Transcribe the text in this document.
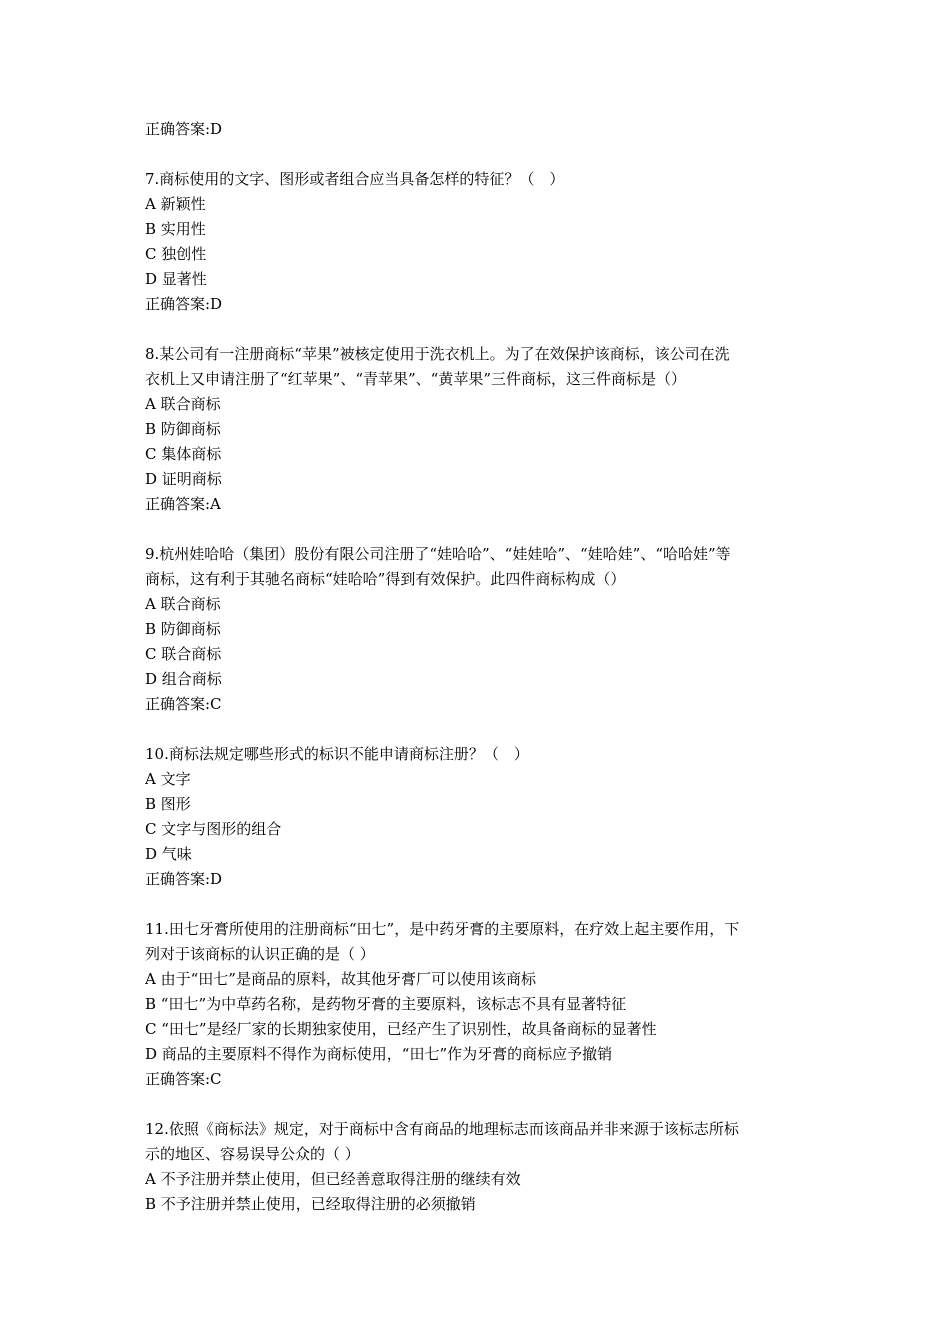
正确答案:D
7.商标使用的文字、图形或者组合应当具备怎样的特征？（　）
A 新颖性
B 实用性
C 独创性
D 显著性
正确答案:D
8.某公司有一注册商标“苹果”被核定使用于洗衣机上。为了在效保护该商标，该公司在洗
衣机上又申请注册了“红苹果”、“青苹果”、“黄苹果”三件商标，这三件商标是（）
A 联合商标
B 防御商标
C 集体商标
D 证明商标
正确答案:A
9.杭州娃哈哈（集团）股份有限公司注册了“娃哈哈”、“娃娃哈”、“娃哈娃”、“哈哈娃”等
商标，这有利于其驰名商标“娃哈哈”得到有效保护。此四件商标构成（）
A 联合商标
B 防御商标
C 联合商标
D 组合商标
正确答案:C
10.商标法规定哪些形式的标识不能申请商标注册？（　）
A 文字
B 图形
C 文字与图形的组合
D 气味
正确答案:D
11.田七牙膏所使用的注册商标“田七”，是中药牙膏的主要原料，在疗效上起主要作用，下
列对于该商标的认识正确的是（ ）
A 由于“田七”是商品的原料，故其他牙膏厂可以使用该商标
B “田七”为中草药名称，是药物牙膏的主要原料，该标志不具有显著特征
C “田七”是经厂家的长期独家使用，已经产生了识别性，故具备商标的显著性
D 商品的主要原料不得作为商标使用，“田七”作为牙膏的商标应予撤销
正确答案:C
12.依照《商标法》规定，对于商标中含有商品的地理标志而该商品并非来源于该标志所标
示的地区、容易误导公众的（ ）
A 不予注册并禁止使用，但已经善意取得注册的继续有效
B 不予注册并禁止使用，已经取得注册的必须撤销
